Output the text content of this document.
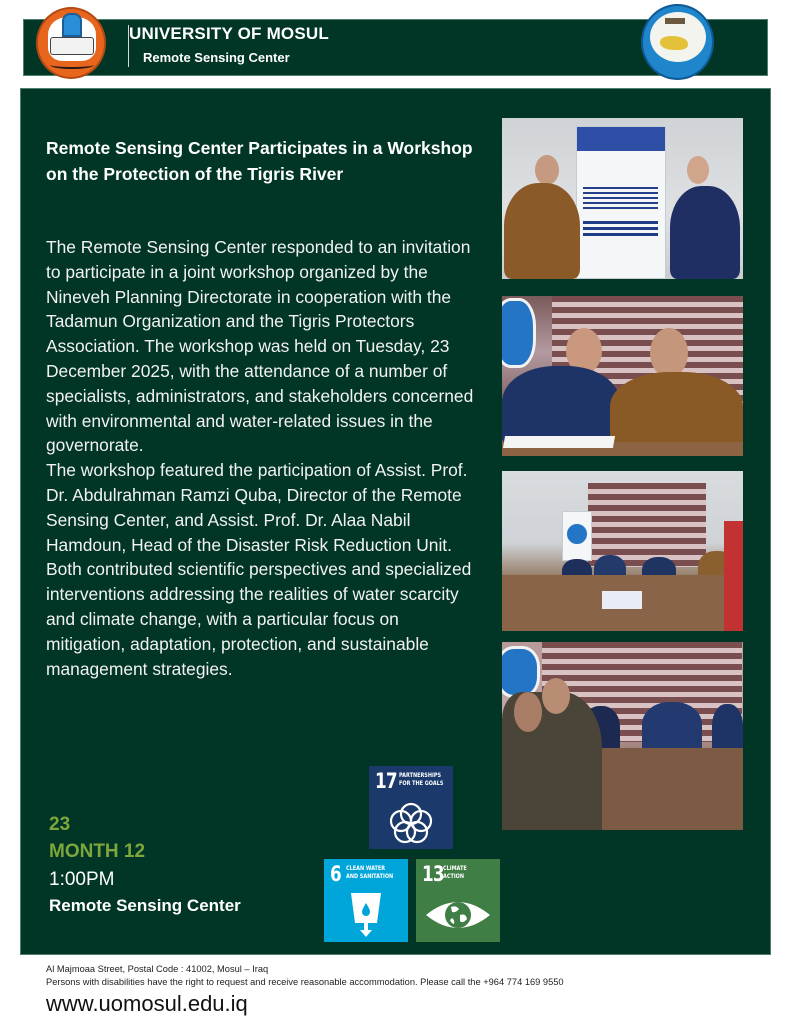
UNIVERSITY OF MOSUL
Remote Sensing Center
Remote Sensing Center Participates in a Workshop on the Protection of the Tigris River

The Remote Sensing Center responded to an invitation to participate in a joint workshop organized by the Nineveh Planning Directorate in cooperation with the Tadamun Organization and the Tigris Protectors Association. The workshop was held on Tuesday, 23 December 2025, with the attendance of a number of specialists, administrators, and stakeholders concerned with environmental and water-related issues in the governorate.

The workshop featured the participation of Assist. Prof. Dr. Abdulrahman Ramzi Quba, Director of the Remote Sensing Center, and Assist. Prof. Dr. Alaa Nabil Hamdoun, Head of the Disaster Risk Reduction Unit. Both contributed scientific perspectives and specialized interventions addressing the realities of water scarcity and climate change, with a particular focus on mitigation, adaptation, protection, and sustainable management strategies.

23
MONTH 12
1:00PM
Remote Sensing Center
17 PARTNERSHIPS
FOR THE GOALS
6 CLEAN WATER
AND SANITATION 13 CLIMATE
ACTION
Al Majmoaa Street, Postal Code : 41002, Mosul – Iraq
Persons with disabilities have the right to request and receive reasonable accommodation. Please call the +964 774 169 9550
www.uomosul.edu.iq
